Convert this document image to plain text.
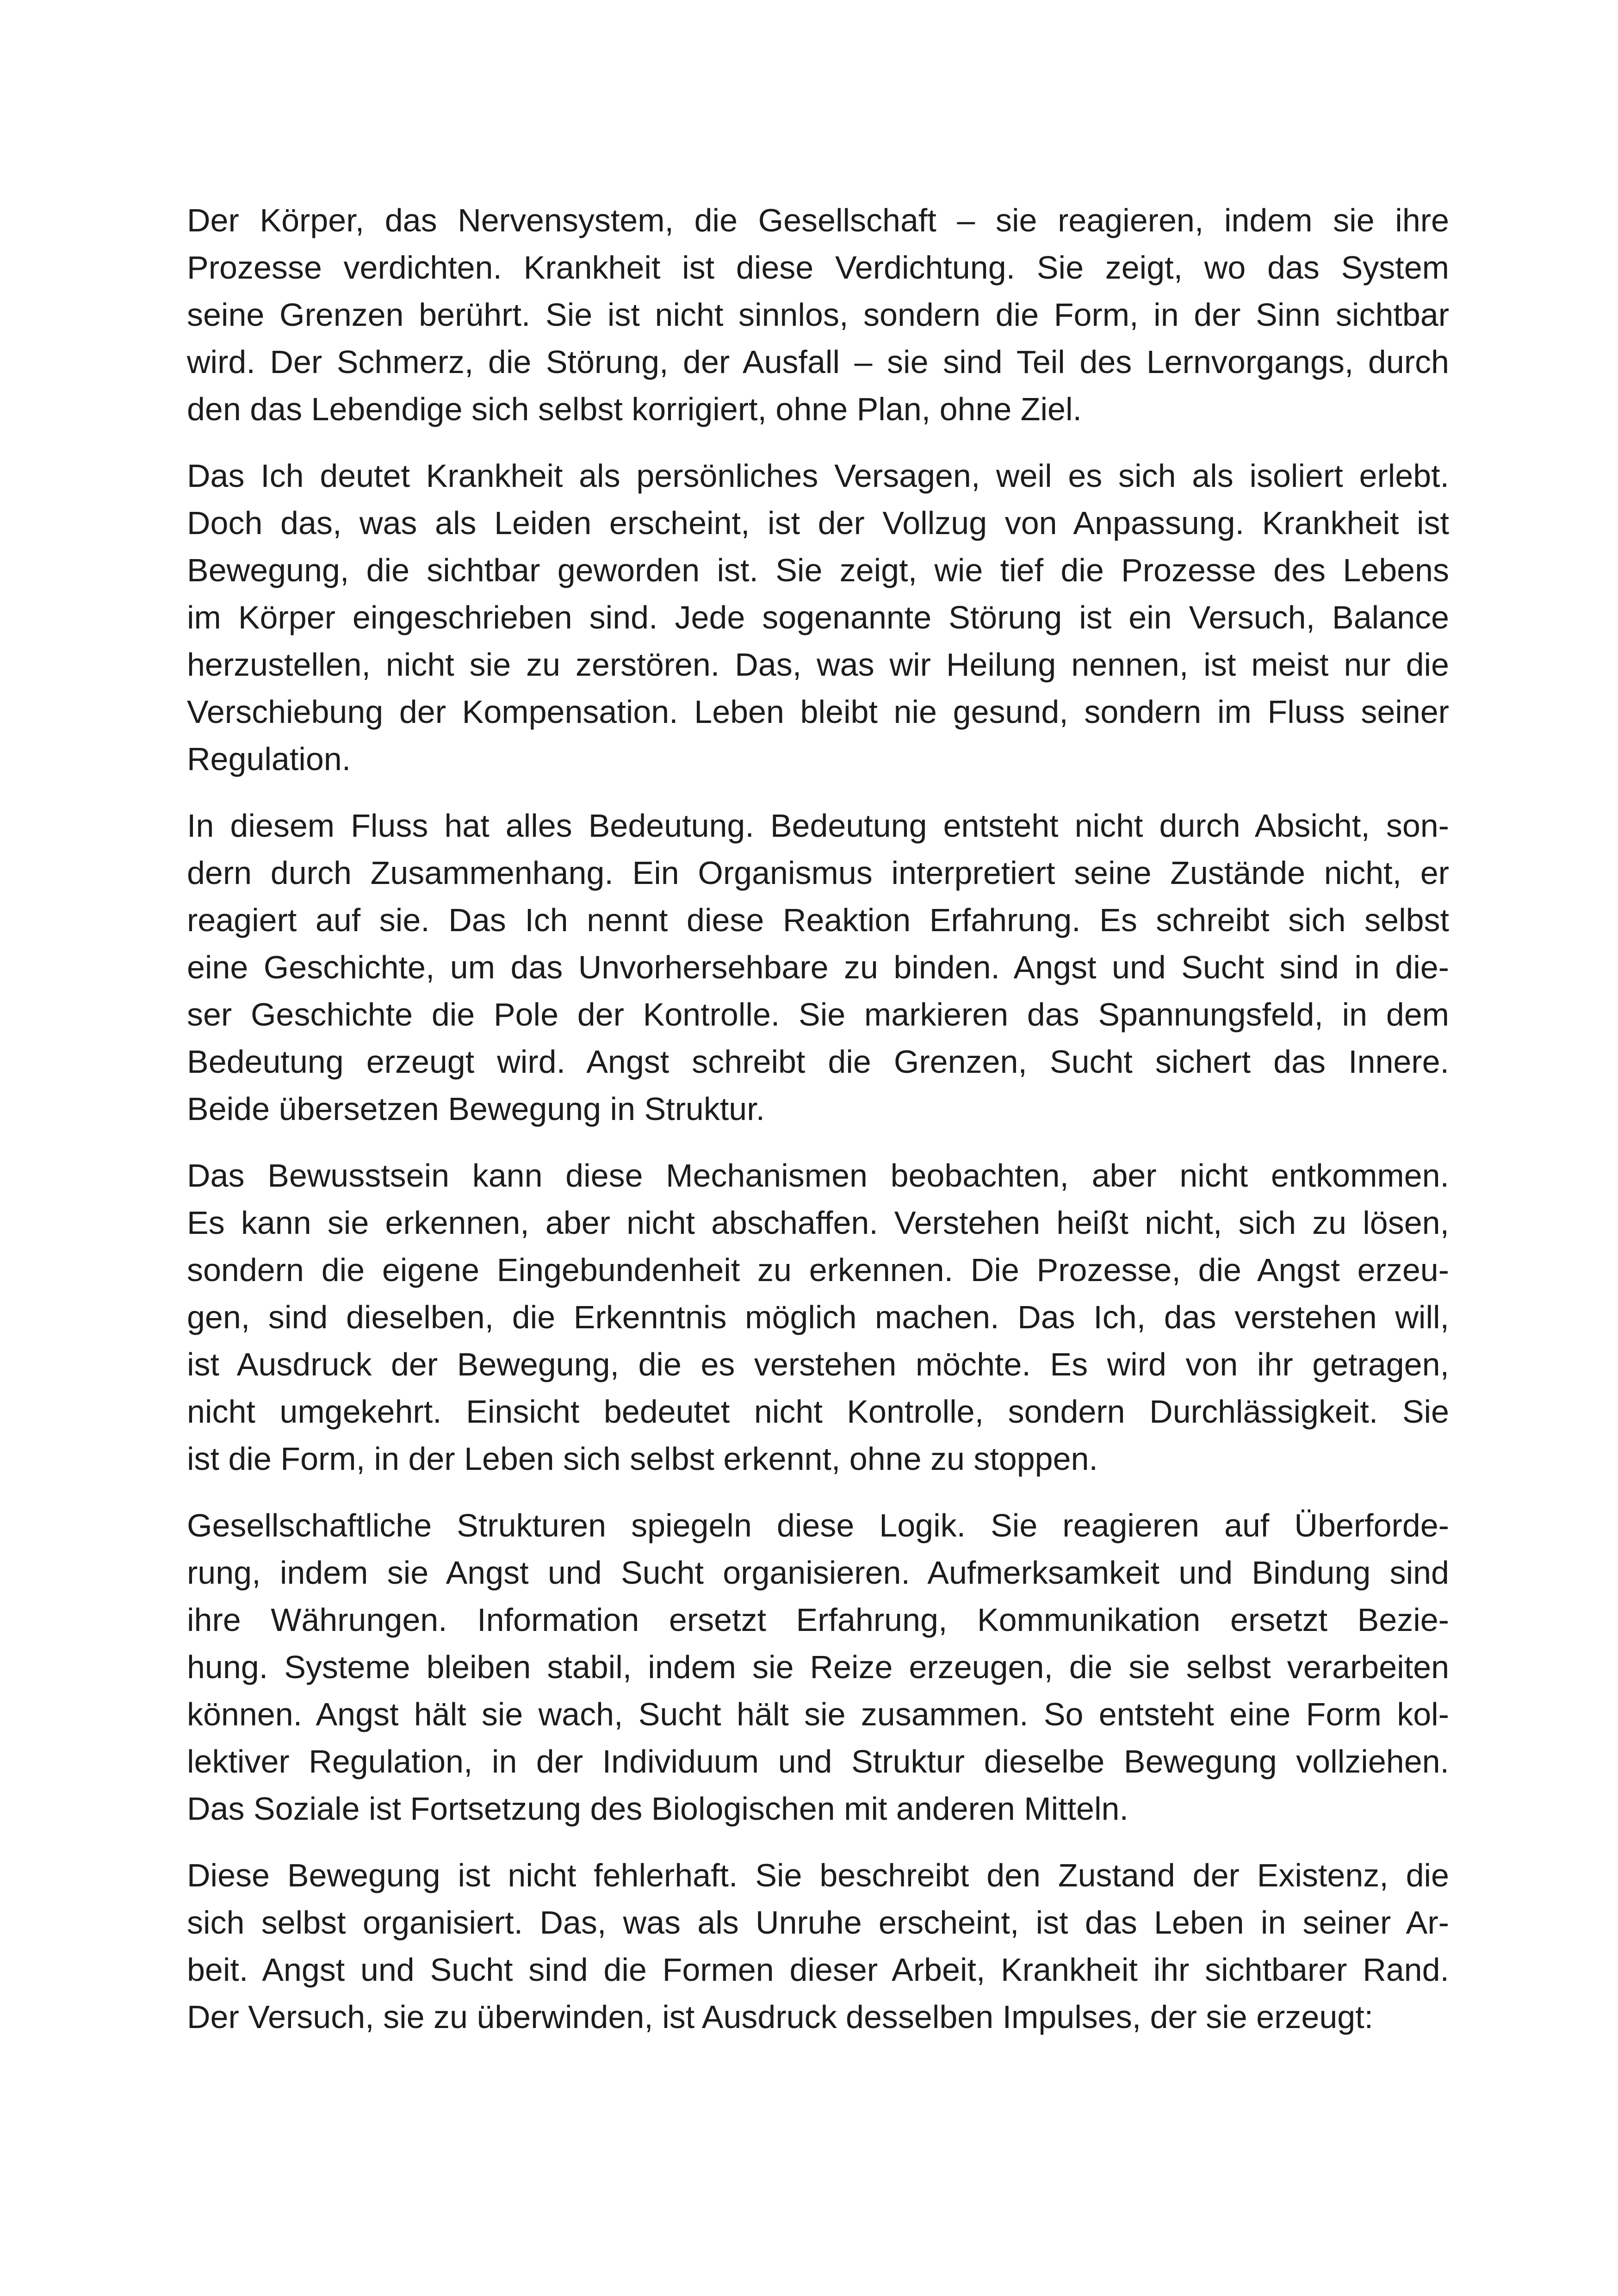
Der Körper, das Nervensystem, die Gesellschaft – sie reagieren, indem sie ihre
Prozesse verdichten. Krankheit ist diese Verdichtung. Sie zeigt, wo das System
seine Grenzen berührt. Sie ist nicht sinnlos, sondern die Form, in der Sinn sichtbar
wird. Der Schmerz, die Störung, der Ausfall – sie sind Teil des Lernvorgangs, durch
den das Lebendige sich selbst korrigiert, ohne Plan, ohne Ziel.
Das Ich deutet Krankheit als persönliches Versagen, weil es sich als isoliert erlebt.
Doch das, was als Leiden erscheint, ist der Vollzug von Anpassung. Krankheit ist
Bewegung, die sichtbar geworden ist. Sie zeigt, wie tief die Prozesse des Lebens
im Körper eingeschrieben sind. Jede sogenannte Störung ist ein Versuch, Balance
herzustellen, nicht sie zu zerstören. Das, was wir Heilung nennen, ist meist nur die
Verschiebung der Kompensation. Leben bleibt nie gesund, sondern im Fluss seiner
Regulation.
In diesem Fluss hat alles Bedeutung. Bedeutung entsteht nicht durch Absicht, son-
dern durch Zusammenhang. Ein Organismus interpretiert seine Zustände nicht, er
reagiert auf sie. Das Ich nennt diese Reaktion Erfahrung. Es schreibt sich selbst
eine Geschichte, um das Unvorhersehbare zu binden. Angst und Sucht sind in die-
ser Geschichte die Pole der Kontrolle. Sie markieren das Spannungsfeld, in dem
Bedeutung erzeugt wird. Angst schreibt die Grenzen, Sucht sichert das Innere.
Beide übersetzen Bewegung in Struktur.
Das Bewusstsein kann diese Mechanismen beobachten, aber nicht entkommen.
Es kann sie erkennen, aber nicht abschaffen. Verstehen heißt nicht, sich zu lösen,
sondern die eigene Eingebundenheit zu erkennen. Die Prozesse, die Angst erzeu-
gen, sind dieselben, die Erkenntnis möglich machen. Das Ich, das verstehen will,
ist Ausdruck der Bewegung, die es verstehen möchte. Es wird von ihr getragen,
nicht umgekehrt. Einsicht bedeutet nicht Kontrolle, sondern Durchlässigkeit. Sie
ist die Form, in der Leben sich selbst erkennt, ohne zu stoppen.
Gesellschaftliche Strukturen spiegeln diese Logik. Sie reagieren auf Überforde-
rung, indem sie Angst und Sucht organisieren. Aufmerksamkeit und Bindung sind
ihre Währungen. Information ersetzt Erfahrung, Kommunikation ersetzt Bezie-
hung. Systeme bleiben stabil, indem sie Reize erzeugen, die sie selbst verarbeiten
können. Angst hält sie wach, Sucht hält sie zusammen. So entsteht eine Form kol-
lektiver Regulation, in der Individuum und Struktur dieselbe Bewegung vollziehen.
Das Soziale ist Fortsetzung des Biologischen mit anderen Mitteln.
Diese Bewegung ist nicht fehlerhaft. Sie beschreibt den Zustand der Existenz, die
sich selbst organisiert. Das, was als Unruhe erscheint, ist das Leben in seiner Ar-
beit. Angst und Sucht sind die Formen dieser Arbeit, Krankheit ihr sichtbarer Rand.
Der Versuch, sie zu überwinden, ist Ausdruck desselben Impulses, der sie erzeugt:
